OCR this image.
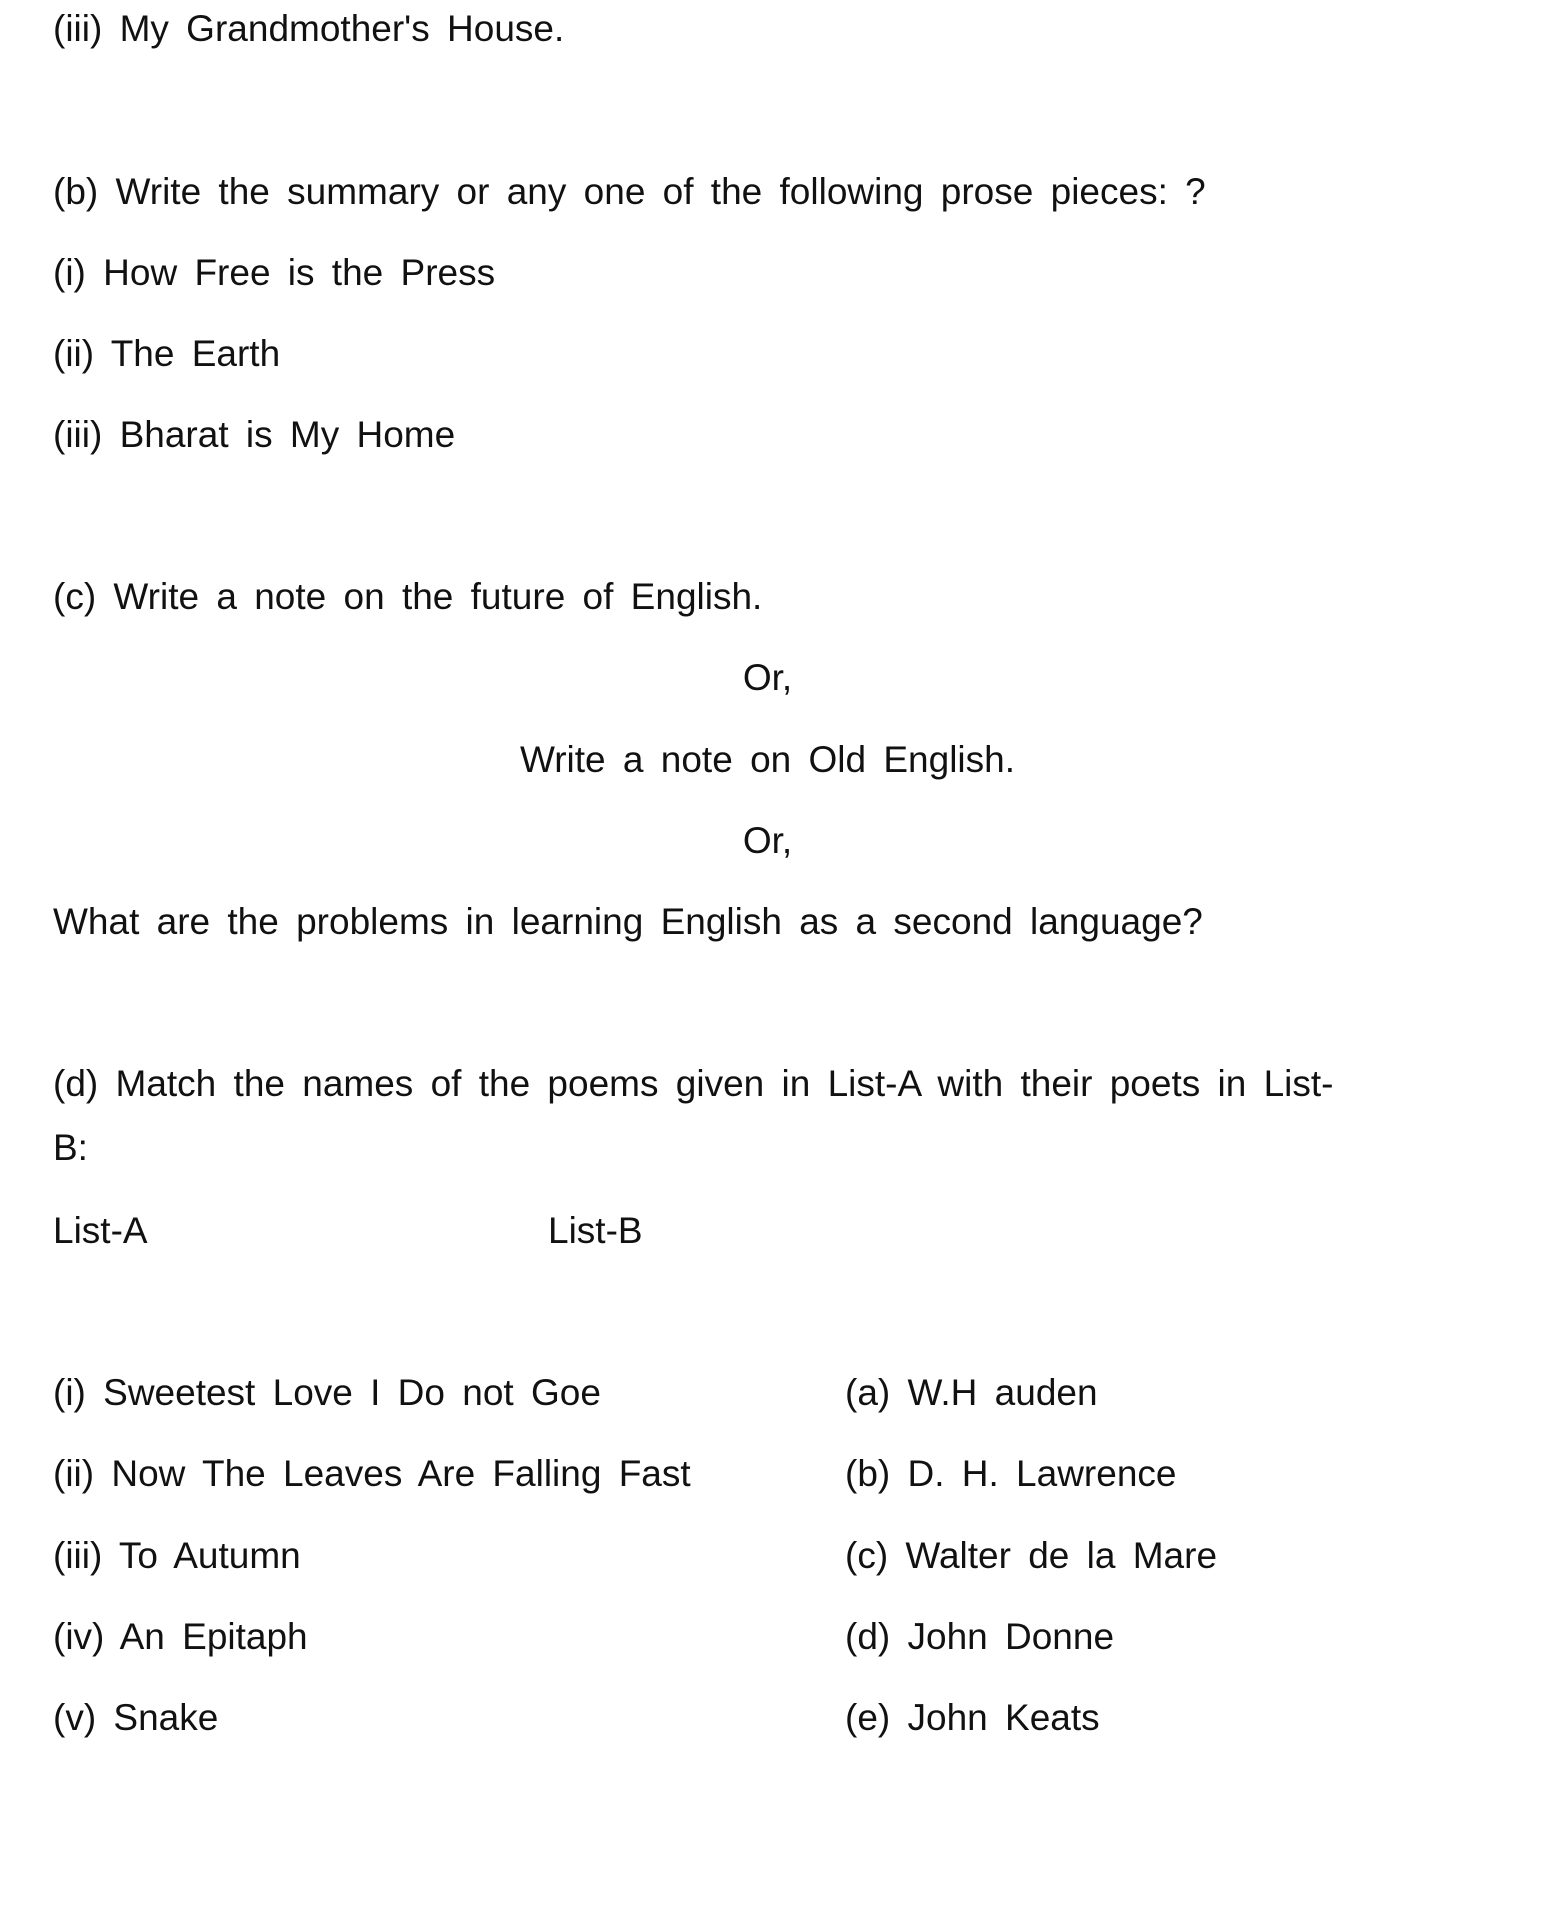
(iii) My Grandmother's House.
(b) Write the summary or any one of the following prose pieces: ?
(i) How Free is the Press
(ii) The Earth
(iii) Bharat is My Home
(c) Write a note on the future of English.
Or,
Write a note on Old English.
Or,
What are the problems in learning English as a second language?
(d) Match the names of the poems given in List-A with their poets in List-
B:
List-A	List-B
(i) Sweetest Love I Do not Goe	(a) W.H auden
(ii) Now The Leaves Are Falling Fast	(b) D. H. Lawrence
(iii) To Autumn	(c) Walter de la Mare
(iv) An Epitaph	(d) John Donne
(v) Snake	(e) John Keats
